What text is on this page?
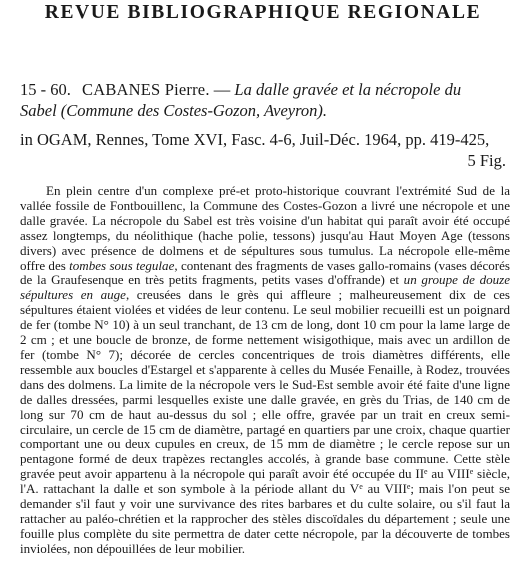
REVUE BIBLIOGRAPHIQUE REGIONALE
15 - 60. CABANES Pierre. — La dalle gravée et la nécropole du
Sabel (Commune des Costes-Gozon, Aveyron).
in OGAM, Rennes, Tome XVI, Fasc. 4-6, Juil-Déc. 1964, pp. 419-425,
5 Fig.

En plein centre d'un complexe pré-et proto-historique couvrant l'extrémité Sud de la vallée fossile de Fontbouillenc, la Commune des Costes-Gozon a livré une nécropole et une dalle gravée. La nécropole du Sabel est très voisine d'un habitat qui paraît avoir été occupé assez longtemps, du néolithique (hache polie, tessons) jusqu'au Haut Moyen Age (tessons divers) avec présence de dolmens et de sépultures sous tumulus. La nécropole elle-même offre des tombes sous tegulae, contenant des fragments de vases gallo-romains (vases décorés de la Graufesenque en très petits fragments, petits vases d'offrande) et un groupe de douze sépultures en auge, creusées dans le grès qui affleure ; malheureusement dix de ces sépultures étaient violées et vidées de leur contenu. Le seul mobilier recueilli est un poignard de fer (tombe N° 10) à un seul tranchant, de 13 cm de long, dont 10 cm pour la lame large de 2 cm ; et une boucle de bronze, de forme nettement wisigothique, mais avec un ardillon de fer (tombe N° 7); décorée de cercles concentriques de trois diamètres différents, elle ressemble aux boucles d'Estargel et s'apparente à celles du Musée Fenaille, à Rodez, trouvées dans des dolmens. La limite de la nécropole vers le Sud-Est semble avoir été faite d'une ligne de dalles dressées, parmi lesquelles existe une dalle gravée, en grès du Trias, de 140 cm de long sur 70 cm de haut au-dessus du sol ; elle offre, gravée par un trait en creux semi-circulaire, un cercle de 15 cm de diamètre, partagé en quartiers par une croix, chaque quartier comportant une ou deux cupules en creux, de 15 mm de diamètre ; le cercle repose sur un pentagone formé de deux trapèzes rectangles accolés, à grande base commune. Cette stèle gravée peut avoir appartenu à la nécropole qui paraît avoir été occupée du IIe au VIIIe siècle, l'A. rattachant la dalle et son symbole à la période allant du Ve au VIIIe; mais l'on peut se demander s'il faut y voir une survivance des rites barbares et du culte solaire, ou s'il faut la rattacher au paléo-chrétien et la rapprocher des stèles discoïdales du département ; seule une fouille plus complète du site permettra de dater cette nécropole, par la découverte de tombes inviolées, non dépouillées de leur mobilier.
